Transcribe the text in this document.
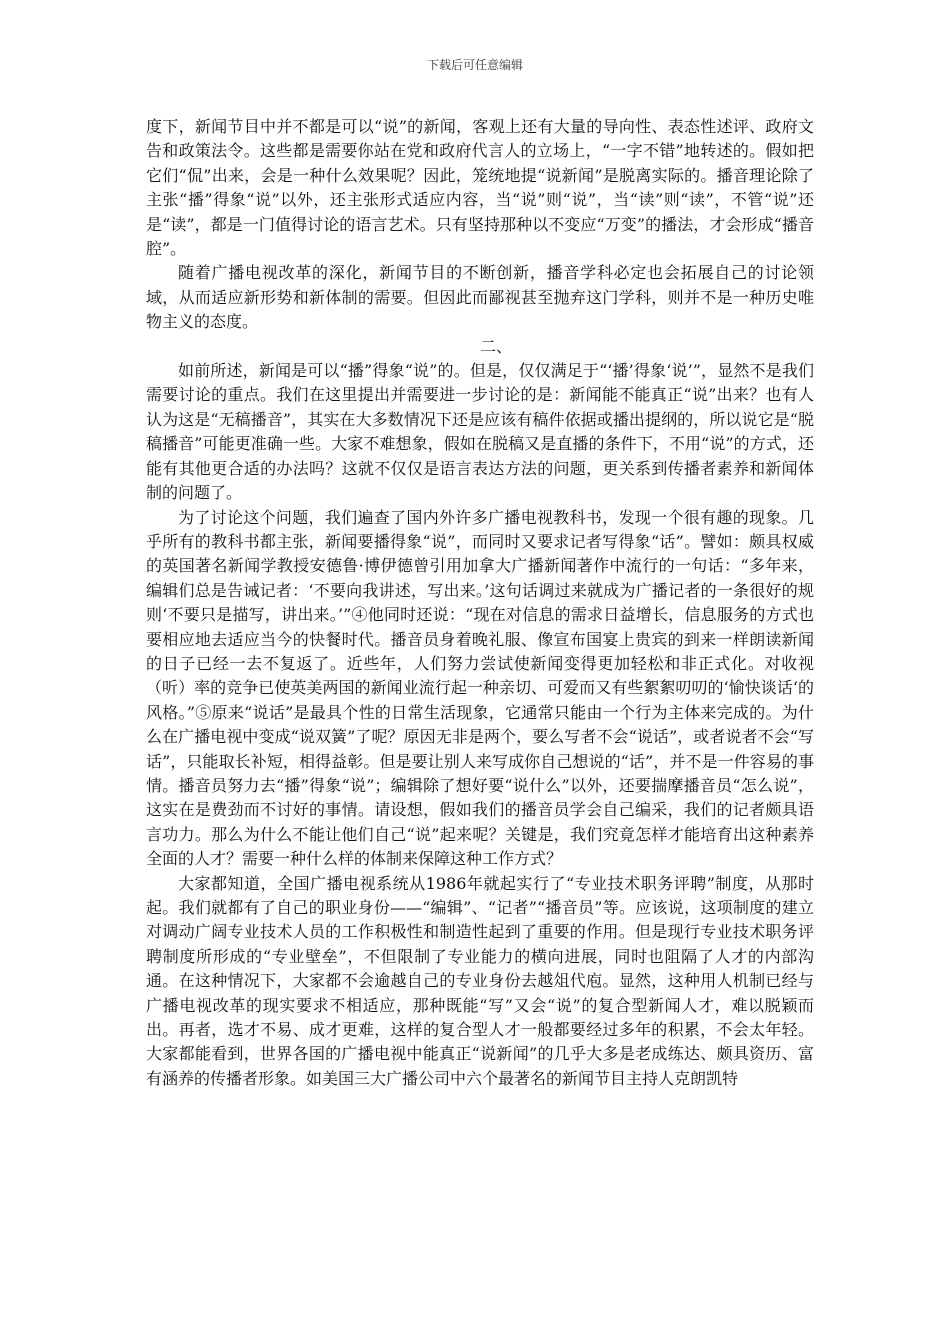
下载后可任意编辑

度下，新闻节目中并不都是可以“说”的新闻，客观上还有大量的导向性、表态性述评、政府文告和政策法令。这些都是需要你站在党和政府代言人的立场上，“一字不错”地转述的。假如把它们“侃”出来，会是一种什么效果呢？因此，笼统地提“说新闻”是脱离实际的。播音理论除了主张“播”得象“说”以外，还主张形式适应内容，当“说”则“说”，当“读”则“读”，不管“说”还是“读”，都是一门值得讨论的语言艺术。只有坚持那种以不变应“万变”的播法，才会形成“播音腔”。

随着广播电视改革的深化，新闻节目的不断创新，播音学科必定也会拓展自己的讨论领域，从而适应新形势和新体制的需要。但因此而鄙视甚至抛弃这门学科，则并不是一种历史唯物主义的态度。

二、

如前所述，新闻是可以“播”得象“说”的。但是，仅仅满足于“‘播’得象‘说’”，显然不是我们需要讨论的重点。我们在这里提出并需要进一步讨论的是：新闻能不能真正“说”出来？也有人认为这是“无稿播音”，其实在大多数情况下还是应该有稿件依据或播出提纲的，所以说它是“脱稿播音”可能更准确一些。大家不难想象，假如在脱稿又是直播的条件下，不用“说”的方式，还能有其他更合适的办法吗？这就不仅仅是语言表达方法的问题，更关系到传播者素养和新闻体制的问题了。

为了讨论这个问题，我们遍查了国内外许多广播电视教科书，发现一个很有趣的现象。几乎所有的教科书都主张，新闻要播得象“说”，而同时又要求记者写得象“话”。譬如：颇具权威的英国著名新闻学教授安德鲁·博伊德曾引用加拿大广播新闻著作中流行的一句话：“多年来，编辑们总是告诫记者：‘不要向我讲述，写出来。’这句话调过来就成为广播记者的一条很好的规则‘不要只是描写，讲出来。’”④他同时还说：“现在对信息的需求日益增长，信息服务的方式也要相应地去适应当今的快餐时代。播音员身着晚礼服、像宣布国宴上贵宾的到来一样朗读新闻的日子已经一去不复返了。近些年，人们努力尝试使新闻变得更加轻松和非正式化。对收视（听）率的竞争已使英美两国的新闻业流行起一种亲切、可爱而又有些絮絮叨叨的‘愉快谈话‘的风格。”⑤原来“说话”是最具个性的日常生活现象，它通常只能由一个行为主体来完成的。为什么在广播电视中变成“说双簧”了呢？原因无非是两个，要么写者不会“说话”，或者说者不会“写话”，只能取长补短，相得益彰。但是要让别人来写成你自己想说的“话”，并不是一件容易的事情。播音员努力去“播”得象“说”；编辑除了想好要“说什么”以外，还要揣摩播音员“怎么说”，这实在是费劲而不讨好的事情。请设想，假如我们的播音员学会自己编采，我们的记者颇具语言功力。那么为什么不能让他们自己“说”起来呢？关键是，我们究竟怎样才能培育出这种素养全面的人才？需要一种什么样的体制来保障这种工作方式？

大家都知道，全国广播电视系统从1986年就起实行了“专业技术职务评聘”制度，从那时起。我们就都有了自己的职业身份——“编辑”、“记者”“播音员”等。应该说，这项制度的建立对调动广阔专业技术人员的工作积极性和制造性起到了重要的作用。但是现行专业技术职务评聘制度所形成的“专业壁垒”，不但限制了专业能力的横向进展，同时也阻隔了人才的内部沟通。在这种情况下，大家都不会逾越自己的专业身份去越俎代庖。显然，这种用人机制已经与广播电视改革的现实要求不相适应，那种既能“写”又会“说”的复合型新闻人才，难以脱颖而出。再者，选才不易、成才更难，这样的复合型人才一般都要经过多年的积累，不会太年轻。大家都能看到，世界各国的广播电视中能真正“说新闻”的几乎大多是老成练达、颇具资历、富有涵养的传播者形象。如美国三大广播公司中六个最著名的新闻节目主持人克朗凯特
